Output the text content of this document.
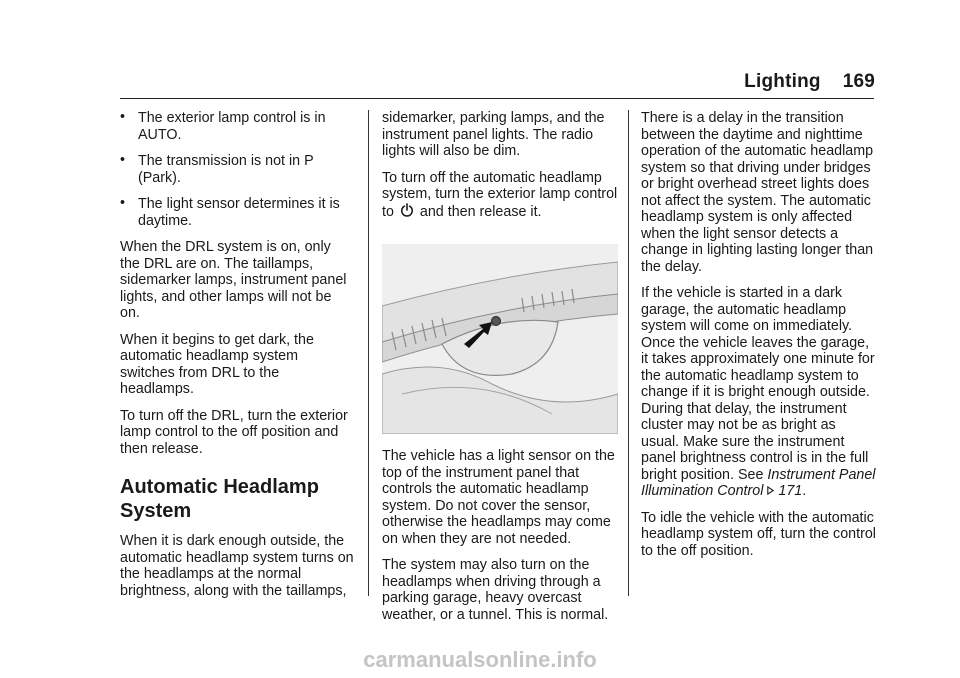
Lighting 169
• The exterior lamp control is in AUTO.
• The transmission is not in P (Park).
• The light sensor determines it is daytime.

When the DRL system is on, only the DRL are on. The taillamps, sidemarker lamps, instrument panel lights, and other lamps will not be on.

When it begins to get dark, the automatic headlamp system switches from DRL to the headlamps.

To turn off the DRL, turn the exterior lamp control to the off position and then release.

Automatic Headlamp System

When it is dark enough outside, the automatic headlamp system turns on the headlamps at the normal brightness, along with the taillamps,

sidemarker, parking lamps, and the instrument panel lights. The radio lights will also be dim.

To turn off the automatic headlamp system, turn the exterior lamp control to and then release it.

The vehicle has a light sensor on the top of the instrument panel that controls the automatic headlamp system. Do not cover the sensor, otherwise the headlamps may come on when they are not needed.

The system may also turn on the headlamps when driving through a parking garage, heavy overcast weather, or a tunnel. This is normal.

There is a delay in the transition between the daytime and nighttime operation of the automatic headlamp system so that driving under bridges or bright overhead street lights does not affect the system. The automatic headlamp system is only affected when the light sensor detects a change in lighting lasting longer than the delay.

If the vehicle is started in a dark garage, the automatic headlamp system will come on immediately. Once the vehicle leaves the garage, it takes approximately one minute for the automatic headlamp system to change if it is bright enough outside. During that delay, the instrument cluster may not be as bright as usual. Make sure the instrument panel brightness control is in the full bright position. See Instrument Panel Illumination Control 171.

To idle the vehicle with the automatic headlamp system off, turn the control to the off position.

carmanualsonline.info
